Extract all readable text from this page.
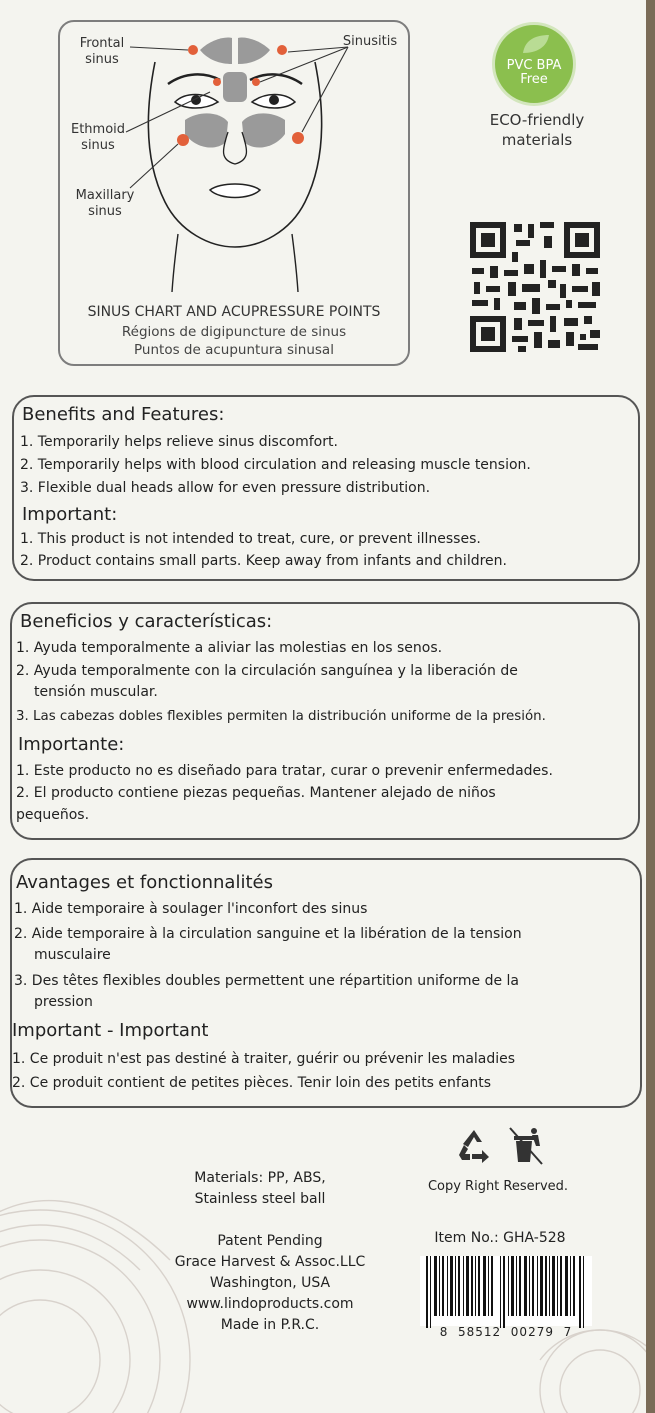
Frontal sinus
Sinusitis
Ethmoid sinus
Maxillary sinus
SINUS CHART AND ACUPRESSURE POINTS
Régions de digipuncture de sinus
Puntos de acupuntura sinusal
PVC BPA
Free
ECO-friendly
materials
Benefits and Features:
1. Temporarily helps relieve sinus discomfort.
2. Temporarily helps with blood circulation and releasing muscle tension.
3. Flexible dual heads allow for even pressure distribution.
Important:
1. This product is not intended to treat, cure, or prevent illnesses.
2. Product contains small parts. Keep away from infants and children.
Beneficios y características:
1. Ayuda temporalmente a aliviar las molestias en los senos.
2. Ayuda temporalmente con la circulación sanguínea y la liberación de
tensión muscular.
3. Las cabezas dobles flexibles permiten la distribución uniforme de la presión.
Importante:
1. Este producto no es diseñado para tratar, curar o prevenir enfermedades.
2. El producto contiene piezas pequeñas. Mantener alejado de niños
pequeños.
Avantages et fonctionnalités
1. Aide temporaire à soulager l'inconfort des sinus
2. Aide temporaire à la circulation sanguine et la libération de la tension
musculaire
3. Des têtes flexibles doubles permettent une répartition uniforme de la
pression
Important - Important
1. Ce produit n'est pas destiné à traiter, guérir ou prévenir les maladies
2. Ce produit contient de petites pièces. Tenir loin des petits enfants
Materials: PP, ABS,
Stainless steel ball
Copy Right Reserved.
Patent Pending
Grace Harvest & Assoc.LLC
Washington, USA
www.lindoproducts.com
Made in P.R.C.
Item No.: GHA-528
8  58512  00279  7
